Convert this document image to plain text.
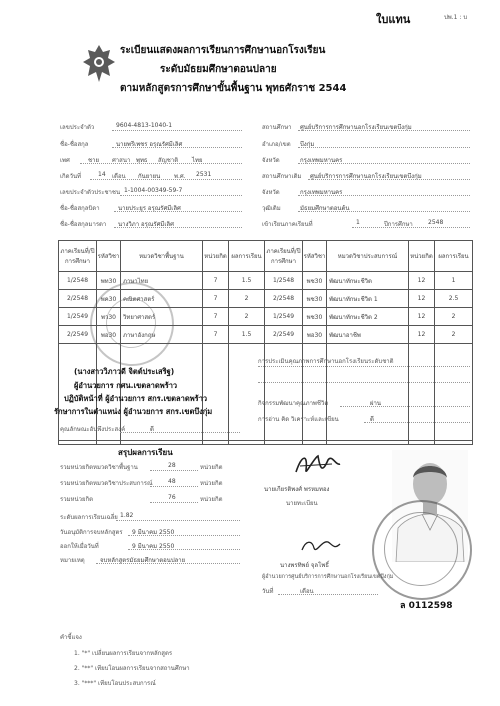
ใบแทน	ปพ.1 : บ
ระเบียนแสดงผลการเรียนการศึกษานอกโรงเรียน
ระดับมัธยมศึกษาตอนปลาย
ตามหลักสูตรการศึกษาขั้นพื้นฐาน พุทธศักราช 2544
เลขประจำตัว	9604-4813-1040-1
ชื่อ-ชื่อสกุล	นายพรีเพชร อรุณรัศมีเลิศ
เพศ	ชาย ศาสนา พุทธ สัญชาติ ไทย
เกิดวันที่	14 เดือน กันยายน พ.ศ. 2531
เลขประจำตัวประชาชน 1-1004-00349-59-7
ชื่อ-ชื่อสกุลบิดา	นายประยูร อรุณรัศมีเลิศ
ชื่อ-ชื่อสกุลมารดา นางวิภา อรุณรัศมีเลิศ
สถานศึกษา ศูนย์บริการการศึกษานอกโรงเรียนเขตบึงกุ่ม
อำเภอ/เขต บึงกุ่ม
จังหวัด	กรุงเทพมหานคร
สถานศึกษาเดิม ศูนย์บริการการศึกษานอกโรงเรียนเขตบึงกุ่ม
จังหวัด	กรุงเทพมหานคร
วุฒิเดิม	มัธยมศึกษาตอนต้น
เข้าเรียนภาคเรียนที่	1	ปีการศึกษา	2548
ภาคเรียนที่/ปีการศึกษา	รหัสวิชา	หมวดวิชาพื้นฐาน	หน่วยกิต	ผลการเรียน	ภาคเรียนที่/ปีการศึกษา	รหัสวิชา	หมวดวิชาประสบการณ์	หน่วยกิต	ผลการเรียน
1/2548	พท30	ภาษาไทย	7	1.5	1/2548	พช30	พัฒนาทักษะชีวิต	12	1
2/2548	พค30	คณิตศาสตร์	7	2	2/2548	พช30	พัฒนาทักษะชีวิต 1	12	2.5
1/2549	พว30	วิทยาศาสตร์	7	2	1/2549	พช30	พัฒนาทักษะชีวิต 2	12	2
2/2549	พอ30	ภาษาอังกฤษ	7	1.5	2/2549	พอ30	พัฒนาอาชีพ	12	2

การประเมินคุณภาพการศึกษานอกโรงเรียนระดับชาติ
กิจกรรมพัฒนาคุณภาพชีวิต	ผ่าน
การอ่าน คิด วิเคราะห์และเขียน	ดี
(นางสาววิภาวดี จิตต์ประเสริฐ)
ผู้อำนวยการ กศน.เขตลาดพร้าว
ปฏิบัติหน้าที่ ผู้อำนวยการ สกร.เขตลาดพร้าว
รักษาการในตำแหน่ง ผู้อำนวยการ สกร.เขตบึงกุ่ม
คุณลักษณะอันพึงประสงค์	ดี
สรุปผลการเรียน
รวมหน่วยกิตหมวดวิชาพื้นฐาน	28	หน่วยกิต
รวมหน่วยกิตหมวดวิชาประสบการณ์	48	หน่วยกิต
รวมหน่วยกิต	76	หน่วยกิต
ระดับผลการเรียนเฉลี่ย 1.82
วันอนุมัติการจบหลักสูตร 9 มีนาคม 2550
ออกให้เมื่อวันที่	9 มีนาคม 2550
หมายเหตุ	จบหลักสูตรมัธยมศึกษาตอนปลาย
นายเกียรติพงศ์ พรหมทอง
นายทะเบียน
นางพรทิพย์ จุลโพธิ์
ผู้อำนวยการศูนย์บริการการศึกษานอกโรงเรียนเขตบึงกุ่ม
วันที่	เดือน
ล 0112598
คำชี้แจง
1. "*" เปลี่ยนผลการเรียนจากหลักสูตร
2. "**" เทียบโอนผลการเรียนจากสถานศึกษา
3. "***" เทียบโอนประสบการณ์
